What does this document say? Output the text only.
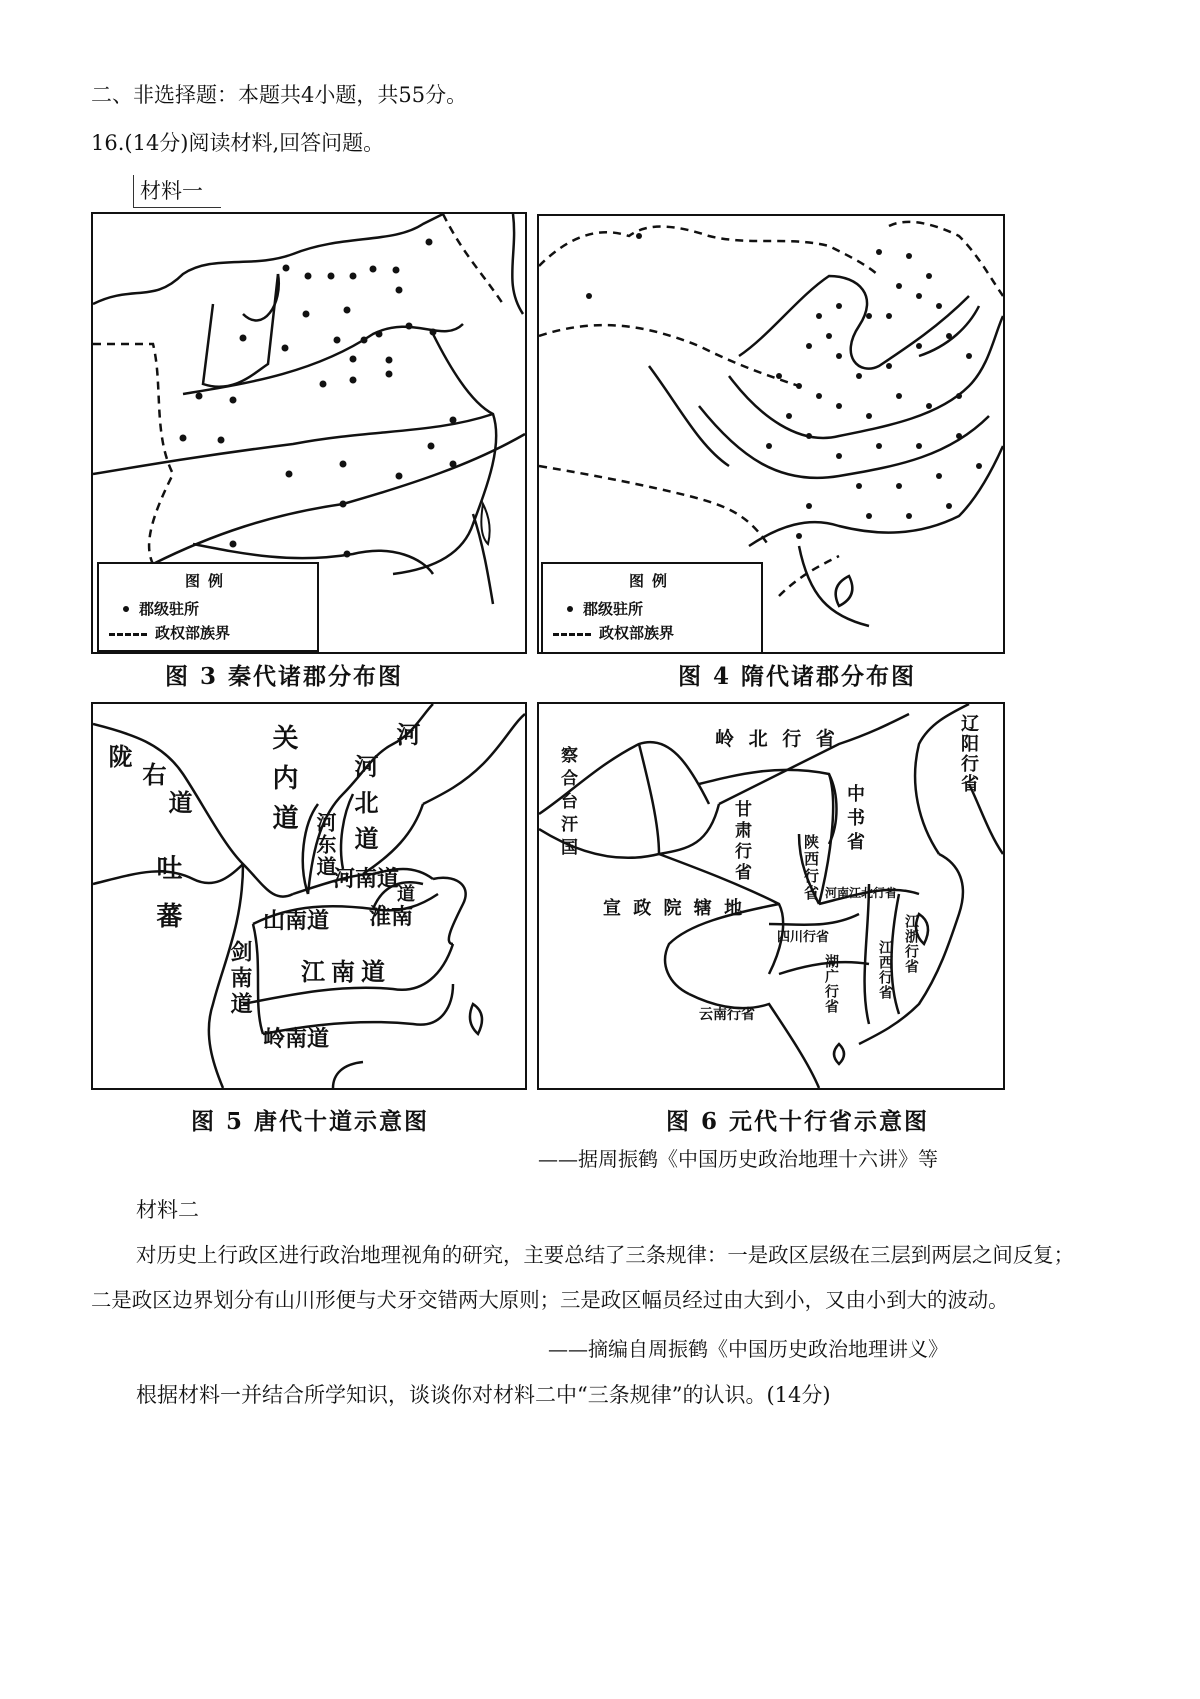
二、非选择题：本题共4小题，共55分。
16.(14分)阅读材料,回答问题。
材料一
图例
郡级驻所
政权部族界
图 3 秦代诸郡分布图
图例
郡级驻所
政权部族界
图 4 隋代诸郡分布图
陇
右
道	关内道 河北道
河东道
河
河南道
吐蕃	山南道 淮南
道
剑南道 江南道
岭南道
图 5 唐代十道示意图
岭 北 行 省	辽阳行省
察合台汗国	甘肃行省	中书省
陕西行省
宣 政 院 辖 地
河南江北行省
四川行省	江浙行省
江西行省
湖广行省
云南行省
图 6 元代十行省示意图
——据周振鹤《中国历史政治地理十六讲》等
材料二
对历史上行政区进行政治地理视角的研究，主要总结了三条规律：一是政区层级在三层到两层之间反复；
二是政区边界划分有山川形便与犬牙交错两大原则；三是政区幅员经过由大到小，又由小到大的波动。
——摘编自周振鹤《中国历史政治地理讲义》
根据材料一并结合所学知识，谈谈你对材料二中“三条规律”的认识。(14分)
